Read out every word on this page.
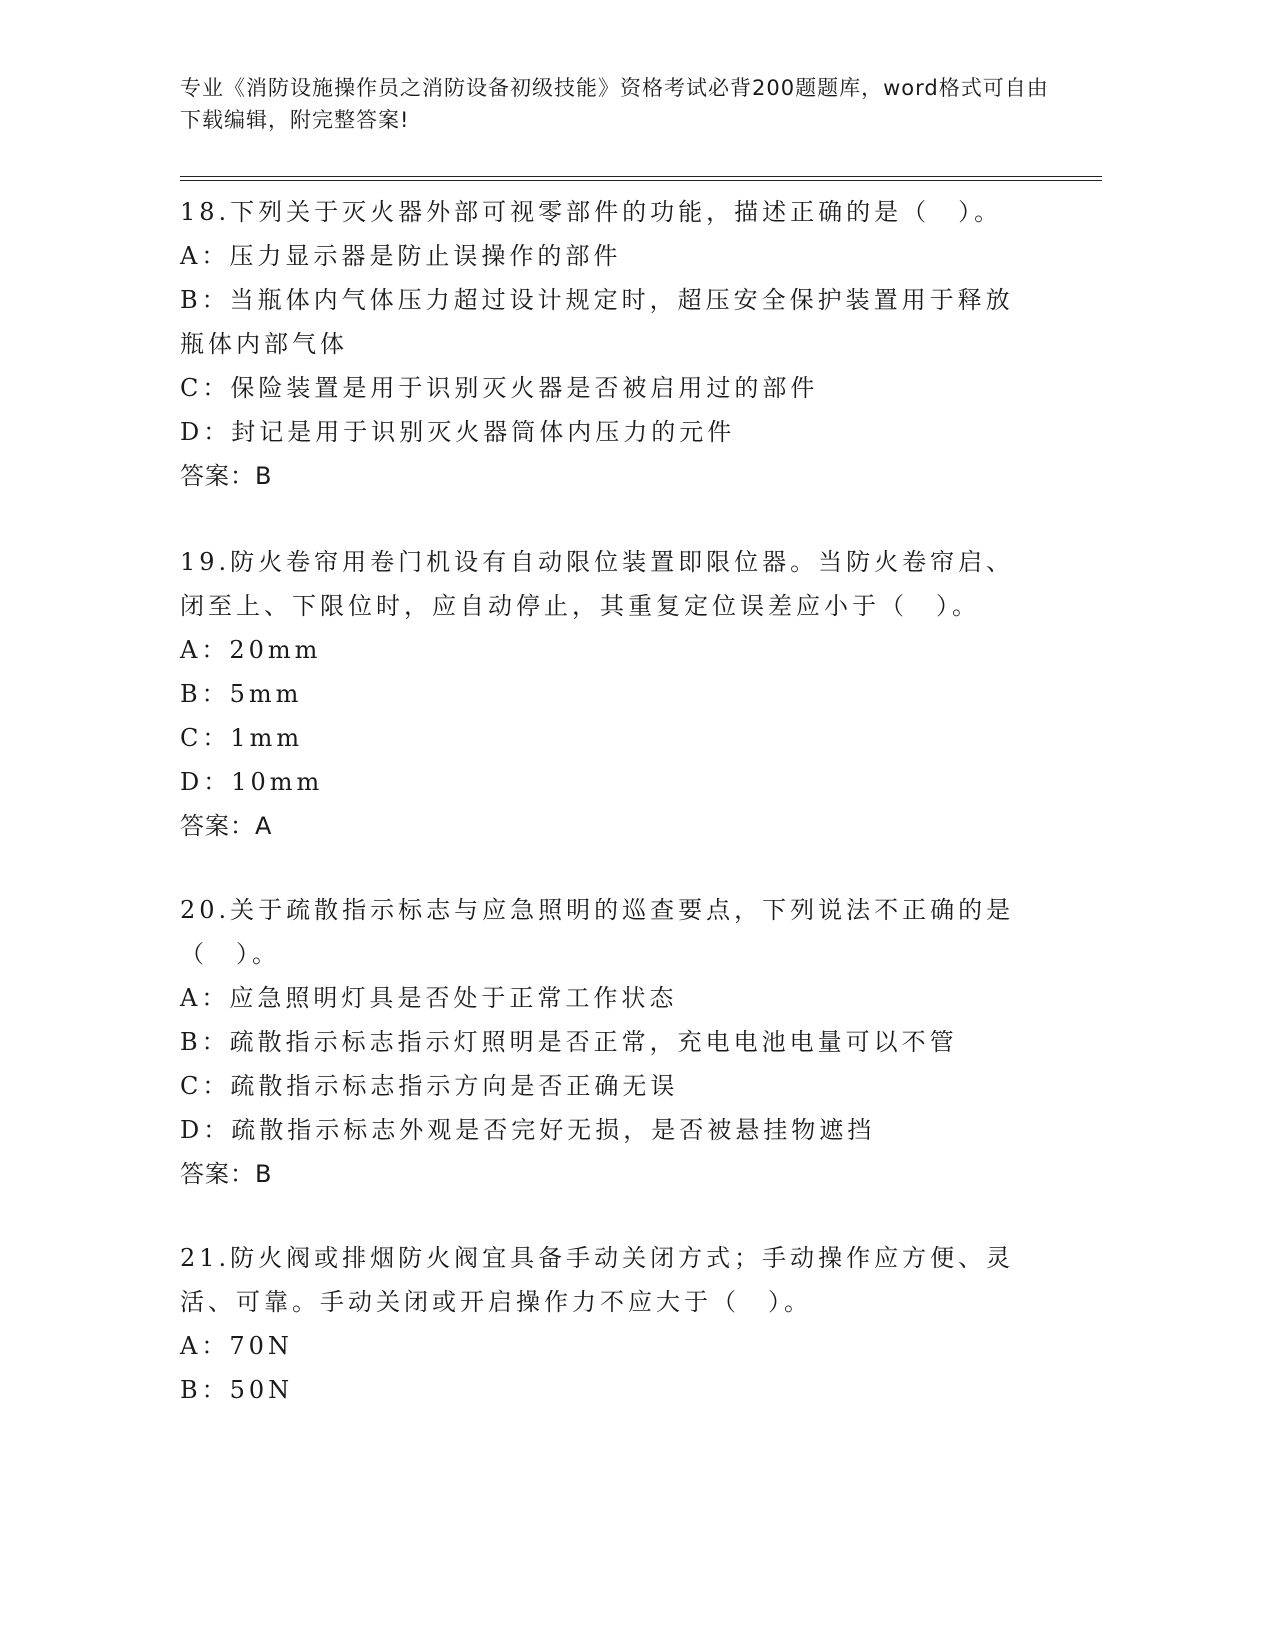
专业《消防设施操作员之消防设备初级技能》资格考试必背200题题库，word格式可自由下载编辑，附完整答案!

18.下列关于灭火器外部可视零部件的功能，描述正确的是（　）。

A：压力显示器是防止误操作的部件

B：当瓶体内气体压力超过设计规定时，超压安全保护装置用于释放瓶体内部气体

C：保险装置是用于识别灭火器是否被启用过的部件

D：封记是用于识别灭火器筒体内压力的元件

答案：B

19.防火卷帘用卷门机设有自动限位装置即限位器。当防火卷帘启、闭至上、下限位时，应自动停止，其重复定位误差应小于（　）。

A：20mm

B：5mm

C：1mm

D：10mm

答案：A

20.关于疏散指示标志与应急照明的巡查要点，下列说法不正确的是（　）。

A：应急照明灯具是否处于正常工作状态

B：疏散指示标志指示灯照明是否正常，充电电池电量可以不管

C：疏散指示标志指示方向是否正确无误

D：疏散指示标志外观是否完好无损，是否被悬挂物遮挡

答案：B

21.防火阀或排烟防火阀宜具备手动关闭方式；手动操作应方便、灵活、可靠。手动关闭或开启操作力不应大于（　）。

A：70N

B：50N
